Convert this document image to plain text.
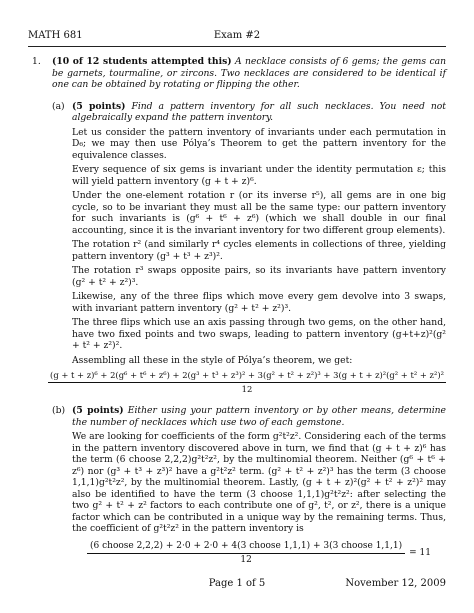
MATH 681	Exam #2
1.	(10 of 12 students attempted this) A necklace consists of 6 gems; the gems can be garnets, tourmaline, or zircons. Two necklaces are considered to be identical if one can be obtained by rotating or flipping the other.
(a) (5 points) Find a pattern inventory for all such necklaces. You need not algebraically expand the pattern inventory.

Let us consider the pattern inventory of invariants under each permutation in D₆; we may then use Pólya’s Theorem to get the pattern inventory for the equivalence classes.

Every sequence of six gems is invariant under the identity permutation ε; this will yield pattern inventory (g + t + z)⁶.

Under the one-element rotation r (or its inverse r⁵), all gems are in one big cycle, so to be invariant they must all be the same type: our pattern inventory for such invariants is (g⁶ + t⁶ + z⁶) (which we shall double in our final accounting, since it is the invariant inventory for two different group elements).

The rotation r² (and similarly r⁴ cycles elements in collections of three, yielding pattern inventory (g³ + t³ + z³)².

The rotation r³ swaps opposite pairs, so its invariants have pattern inventory (g² + t² + z²)³.

Likewise, any of the three flips which move every gem devolve into 3 swaps, with invariant pattern inventory (g² + t² + z²)³.

The three flips which use an axis passing through two gems, on the other hand, have two fixed points and two swaps, leading to pattern inventory (g+t+z)²(g² + t² + z²)².

Assembling all these in the style of Pólya’s theorem, we get:

(g + t + z)⁶ + 2(g⁶ + t⁶ + z⁶) + 2(g³ + t³ + z³)² + 3(g² + t² + z²)³ + 3(g + t + z)²(g² + t² + z²)²
12
(b) (5 points) Either using your pattern inventory or by other means, determine the number of necklaces which use two of each gemstone.

We are looking for coefficients of the form g²t²z². Considering each of the terms in the pattern inventory discovered above in turn, we find that (g + t + z)⁶ has the term (6 choose 2,2,2)g²t²z², by the multinomial theorem. Neither (g⁶ + t⁶ + z⁶) nor (g³ + t³ + z³)² have a g²t²z² term. (g² + t² + z²)³ has the term (3 choose 1,1,1)g²t²z², by the multinomial theorem. Lastly, (g + t + z)²(g² + t² + z²)² may also be identified to have the term (3 choose 1,1,1)g²t²z²: after selecting the two g² + t² + z² factors to each contribute one of g², t², or z², there is a unique factor which can be contributed in a unique way by the remaining terms. Thus, the coefficient of g²t²z² in the pattern inventory is

(6 choose 2,2,2) + 2·0 + 2·0 + 4(3 choose 1,1,1) + 3(3 choose 1,1,1)
12
= 11
Page 1 of 5	November 12, 2009
